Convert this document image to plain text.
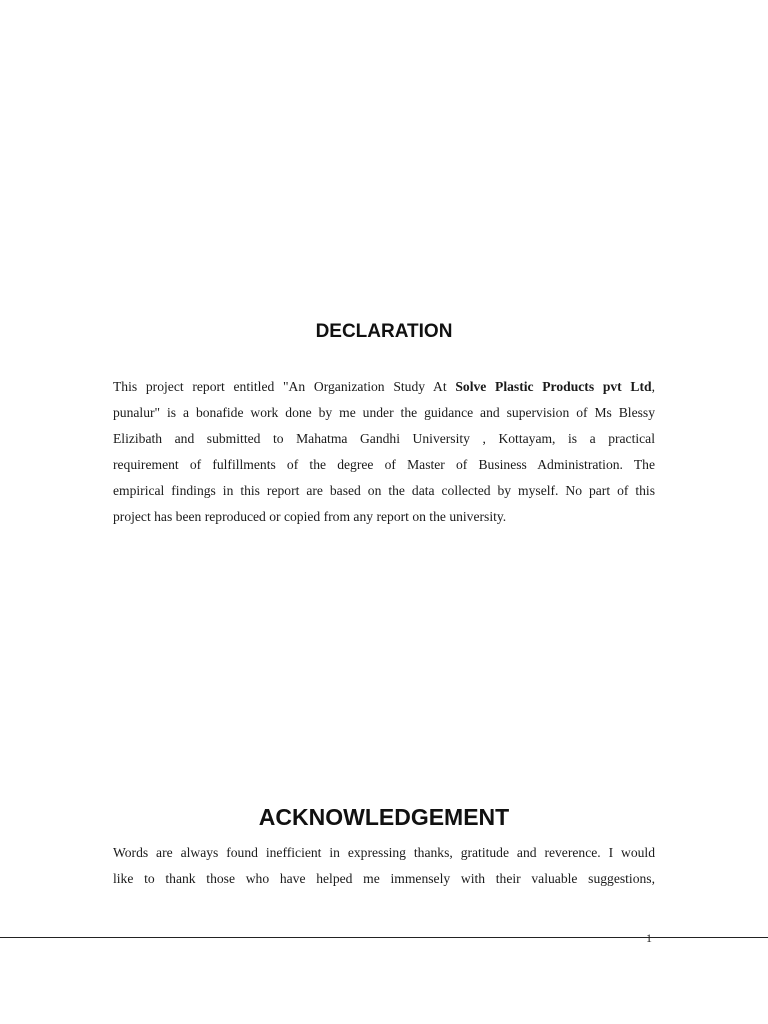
DECLARATION
This project report entitled "An Organization Study At Solve Plastic Products pvt Ltd,
punalur" is a bonafide work done by me under the guidance and supervision of Ms Blessy
Elizibath and submitted to Mahatma Gandhi University , Kottayam, is a practical
requirement of fulfillments of the degree of Master of Business Administration. The
empirical findings in this report are based on the data collected by myself. No part of this
project has been reproduced or copied from any report on the university.
ACKNOWLEDGEMENT
Words are always found inefficient in expressing thanks, gratitude and reverence. I would
like to thank those who have helped me immensely with their valuable suggestions,
1
